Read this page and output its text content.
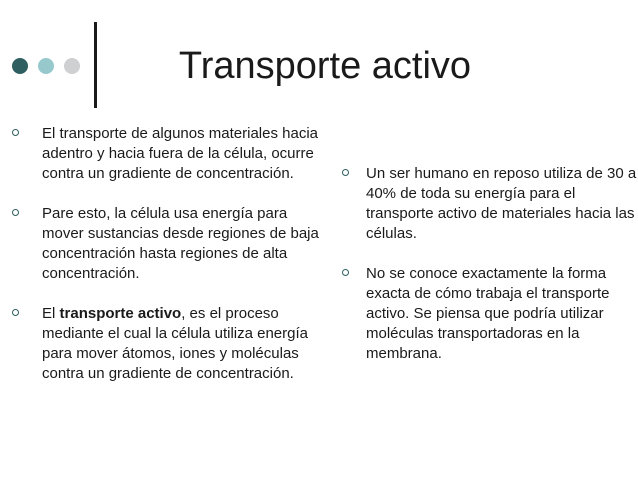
Transporte activo

El transporte de algunos materiales hacia adentro y hacia fuera de la célula, ocurre contra un gradiente de concentración.

Pare esto, la célula usa energía para mover sustancias desde regiones de baja concentración hasta regiones de alta concentración.

El transporte activo, es el proceso mediante el cual la célula utiliza energía para mover átomos, iones y moléculas contra un gradiente de concentración.

Un ser humano en reposo utiliza de 30 a 40% de toda su energía para el transporte activo de materiales hacia las células.

No se conoce exactamente la forma exacta de cómo trabaja el transporte activo. Se piensa que podría utilizar moléculas transportadoras en la membrana.
